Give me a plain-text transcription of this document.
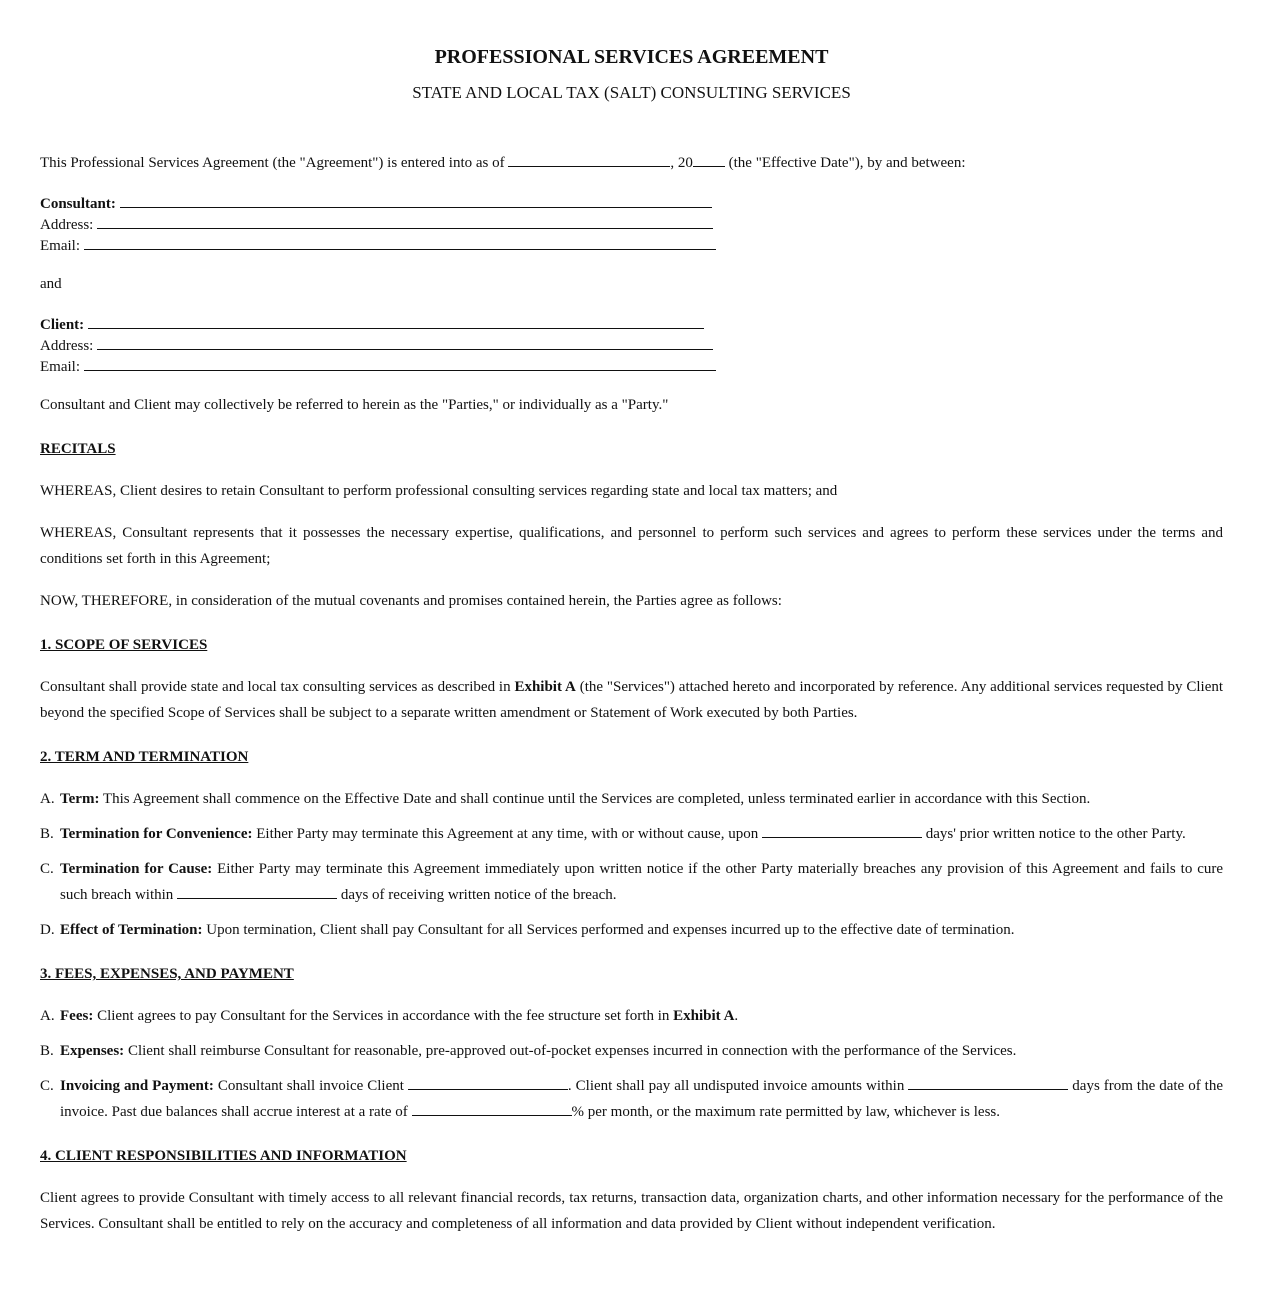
PROFESSIONAL SERVICES AGREEMENT
STATE AND LOCAL TAX (SALT) CONSULTING SERVICES

This Professional Services Agreement (the "Agreement") is entered into as of	, 20 (the "Effective Date"), by and between:

Consultant:
Address:
Email:

and

Client:
Address:
Email:

Consultant and Client may collectively be referred to herein as the "Parties," or individually as a "Party."

RECITALS

WHEREAS, Client desires to retain Consultant to perform professional consulting services regarding state and local tax matters; and

WHEREAS, Consultant represents that it possesses the necessary expertise, qualifications, and personnel to perform such services and agrees to perform these services under the terms and conditions set forth in this Agreement;

NOW, THEREFORE, in consideration of the mutual covenants and promises contained herein, the Parties agree as follows:

1. SCOPE OF SERVICES

Consultant shall provide state and local tax consulting services as described in Exhibit A (the "Services") attached hereto and incorporated by reference. Any additional services requested by Client beyond the specified Scope of Services shall be subject to a separate written amendment or Statement of Work executed by both Parties.

2. TERM AND TERMINATION
A. Term: This Agreement shall commence on the Effective Date and shall continue until the Services are completed, unless terminated earlier in accordance with this Section.
B. Termination for Convenience: Either Party may terminate this Agreement at any time, with or without cause, upon	days' prior written notice to the other Party.
C. Termination for Cause: Either Party may terminate this Agreement immediately upon written notice if the other Party materially breaches any provision of this Agreement and fails to cure such breach within	days of receiving written notice of the breach.
D. Effect of Termination: Upon termination, Client shall pay Consultant for all Services performed and expenses incurred up to the effective date of termination.
3. FEES, EXPENSES, AND PAYMENT
A. Fees: Client agrees to pay Consultant for the Services in accordance with the fee structure set forth in Exhibit A.
B. Expenses: Client shall reimburse Consultant for reasonable, pre-approved out-of-pocket expenses incurred in connection with the performance of the Services.
C. Invoicing and Payment: Consultant shall invoice Client	. Client shall pay all undisputed invoice amounts within	days from the date of the invoice. Past due balances shall accrue interest at a rate of	% per month, or the maximum rate permitted by law, whichever is less.
4. CLIENT RESPONSIBILITIES AND INFORMATION

Client agrees to provide Consultant with timely access to all relevant financial records, tax returns, transaction data, organization charts, and other information necessary for the performance of the Services. Consultant shall be entitled to rely on the accuracy and completeness of all information and data provided by Client without independent verification.
